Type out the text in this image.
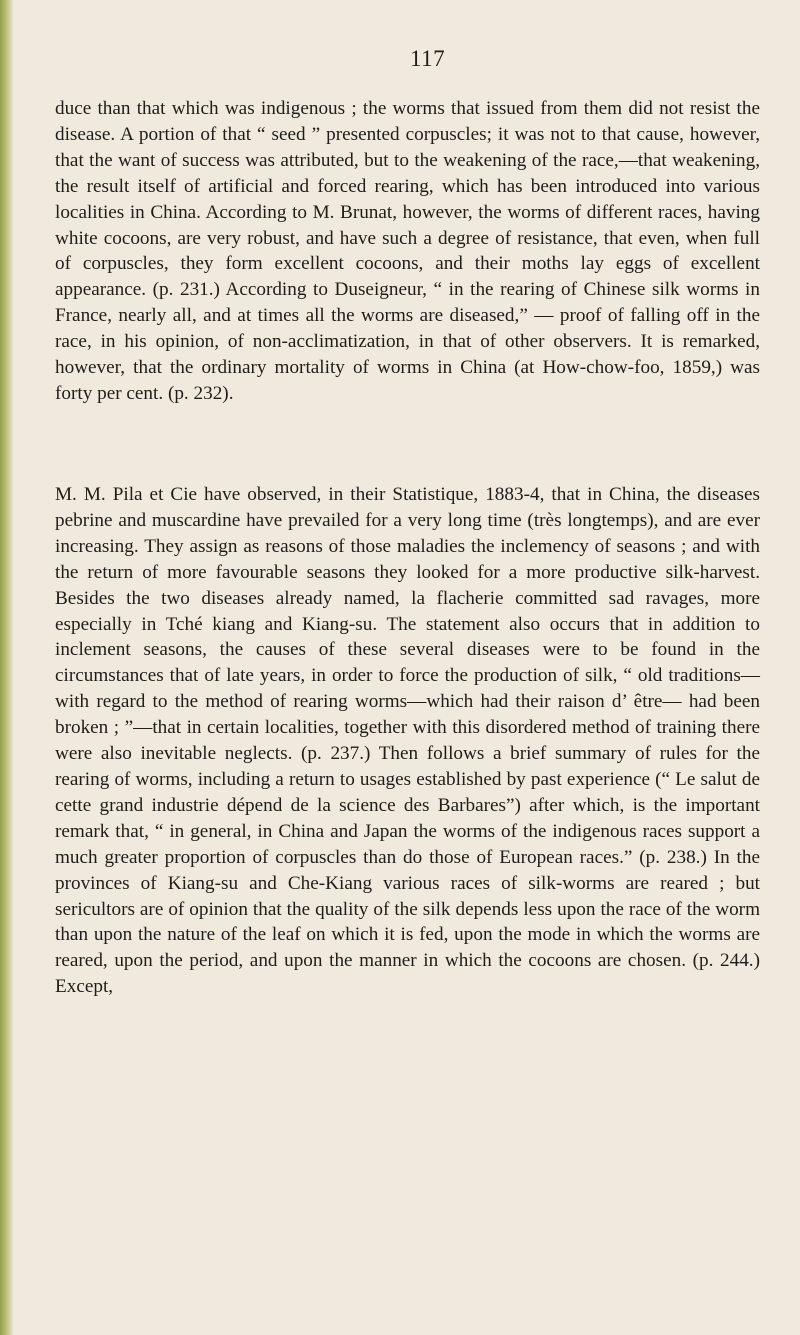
117

duce than that which was indigenous ; the worms that issued from them did not resist the disease. A portion of that “ seed ” presented corpuscles; it was not to that cause, however, that the want of success was attributed, but to the weakening of the race,—that weakening, the result itself of artificial and forced rearing, which has been introduced into various localities in China. According to M. Brunat, however, the worms of different races, having white cocoons, are very robust, and have such a degree of resistance, that even, when full of corpuscles, they form excellent cocoons, and their moths lay eggs of excellent appearance. (p. 231.) According to Duseigneur, “ in the rearing of Chinese silk worms in France, nearly all, and at times all the worms are diseased,” — proof of falling off in the race, in his opinion, of non-acclimatization, in that of other observers. It is remarked, however, that the ordinary mortality of worms in China (at How-chow-foo, 1859,) was forty per cent. (p. 232).

M. M. Pila et Cie have observed, in their Statistique, 1883-4, that in China, the diseases pebrine and muscardine have prevailed for a very long time (très longtemps), and are ever increasing. They assign as reasons of those maladies the inclemency of seasons ; and with the return of more favourable seasons they looked for a more productive silk-harvest. Besides the two diseases already named, la flacherie committed sad ravages, more especially in Tché kiang and Kiang-su. The statement also occurs that in addition to inclement seasons, the causes of these several diseases were to be found in the circumstances that of late years, in order to force the production of silk, “ old traditions—with regard to the method of rearing worms—which had their raison d’ être— had been broken ; ”—that in certain localities, together with this disordered method of training there were also inevitable neglects. (p. 237.) Then follows a brief summary of rules for the rearing of worms, including a return to usages established by past experience (“ Le salut de cette grand industrie dépend de la science des Barbares”) after which, is the important remark that, “ in general, in China and Japan the worms of the indigenous races support a much greater proportion of corpuscles than do those of European races.” (p. 238.) In the provinces of Kiang-su and Che-Kiang various races of silk-worms are reared ; but sericultors are of opinion that the quality of the silk depends less upon the race of the worm than upon the nature of the leaf on which it is fed, upon the mode in which the worms are reared, upon the period, and upon the manner in which the cocoons are chosen. (p. 244.) Except,
